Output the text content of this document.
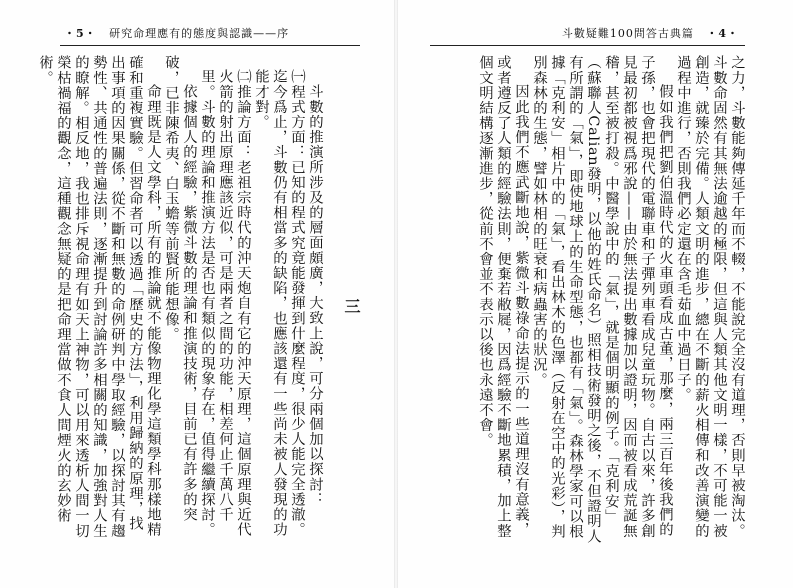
・5・ 研究命理應有的態度與認識——序

三

斗數的推演所涉及的層面頗廣，大致上說，可分兩個加以探討：

㈠程式方面：已知的程式究竟能發揮到什麼程度，很少人能完全透澈。迄今爲止，斗數仍有相當多的缺陷，也應該還有一些尚未被人發現的功能才對。

㈡推論方面：老祖宗時代的沖天炮自有它的沖天原理，這個原理與近代火箭的射出原理應該近似，可是兩者之間的功能，相差何止千萬八千里。斗數的理論和推演方法是否也有類似的現象存在，值得繼續探討。

依據個人的經驗，紫微斗數的理論和推演技術，目前已有許多的突破，已非陳希夷、白玉蟾等前賢所能想像。

命理既是人文學科，所有的推論就不能像物理化學這類學科那樣地精確和重複實驗。但習命者可以透過「歷史的方法」，利用歸納的原理，找出事項的因果關係，從不斷和無數的命例研判中學取經驗，以探討其有趨勢性、共通性的普遍法則，逐漸提升到討論許多相關的知識，加強對人生的瞭解。相反地，我也排斥視命理有如天上神物，可以用來透析人間一切榮枯禍福的觀念，這種觀念無疑的是把命理當做不食人間煙火的玄妙術術。

斗數疑難100問答古典篇 ・4・

之力，斗數能夠傳延千年而不輟，不能說完全沒有道理，否則早被淘汰。斗數命固然有其無法逾越的極限，但這與人類其他文明一樣，不可能一被創造，就臻於完備。人類文明的進步，總在不斷的薪火相傳和改善演變的過程中進行，否則我們必定還在含毛茹血中過日子。

假如我們把劉伯溫時代的火車頭看成古董，那麼，兩三百年後我們的子孫，也會把現代的電聯車和子彈列車看成兒童玩物。自古以來，許多創見最初都被視爲邪說——由於無法提出數據加以證明，因而被看成荒誕無稽，甚至被打殺。中醫學說中的「氣」，就是個明顯的例子。「克利安」（蘇聯人Calian發明，以他的姓氏命名）照相技術發明之後，不但證明人有所謂的「氣」，即使地球上的生命型態，也都有「氣」。森林學家可以根據「克利安」相片中的「氣」，看出林木的色澤（反射在空中的光彩），判別森林的生態，譬如林相的旺衰和病蟲害的狀況。

因此我們不應武斷地說，紫微斗數祿命法提示的一些道理沒有意義，或者遵反了人類的經驗法則，便棄若敝屣，因爲經驗不斷地累積，加上整個文明結構逐漸進步，從前不會並不表示以後也永遠不會。
